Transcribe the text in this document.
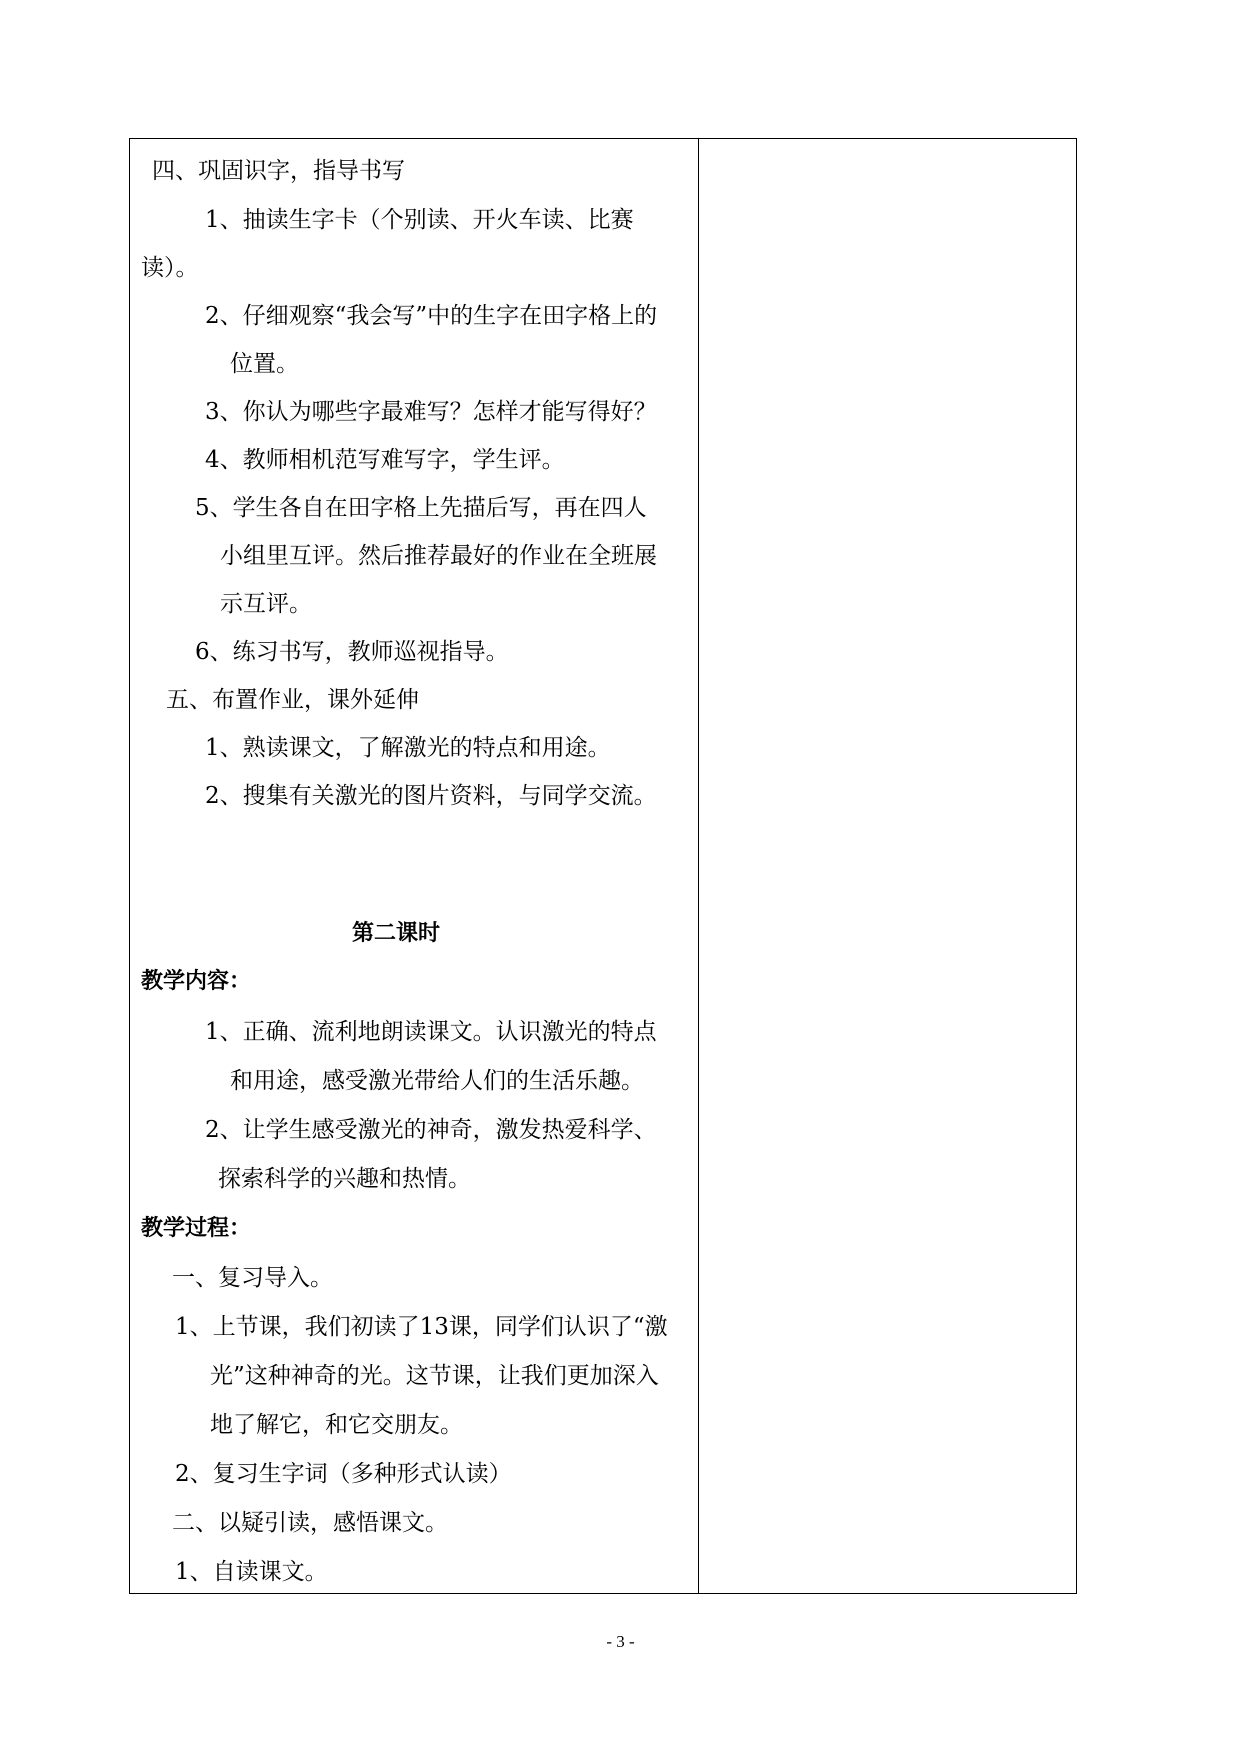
四、巩固识字，指导书写
1、抽读生字卡（个别读、开火车读、比赛
读）。
2、仔细观察“我会写”中的生字在田字格上的
位置。
3、你认为哪些字最难写？怎样才能写得好？
4、教师相机范写难写字，学生评。
5、学生各自在田字格上先描后写，再在四人
小组里互评。然后推荐最好的作业在全班展
示互评。
6、练习书写，教师巡视指导。
五、布置作业，课外延伸
1、熟读课文，了解激光的特点和用途。
2、搜集有关激光的图片资料，与同学交流。
第二课时
教学内容：
1、正确、流利地朗读课文。认识激光的特点
和用途，感受激光带给人们的生活乐趣。
2、让学生感受激光的神奇，激发热爱科学、
探索科学的兴趣和热情。
教学过程：
一、复习导入。
1、上节课，我们初读了13课，同学们认识了“激
光”这种神奇的光。这节课，让我们更加深入
地了解它，和它交朋友。
2、复习生字词（多种形式认读）
二、以疑引读，感悟课文。
1、自读课文。
- 3 -
